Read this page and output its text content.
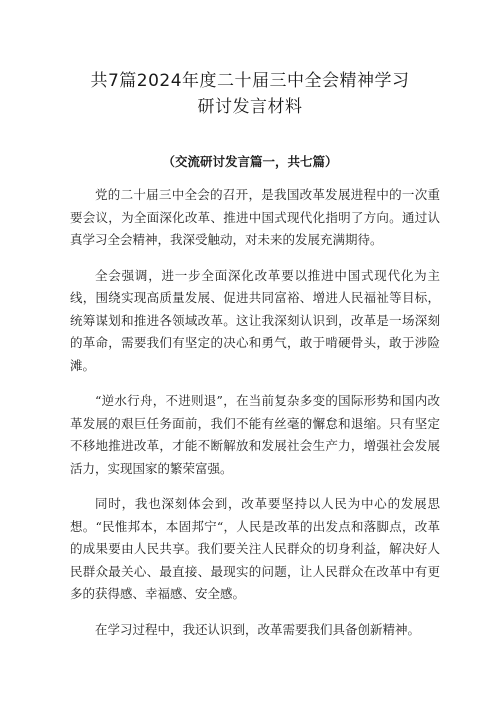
共7篇2024年度二十届三中全会精神学习
研讨发言材料
（交流研讨发言篇一，共七篇）

党的二十届三中全会的召开，是我国改革发展进程中的一次重要会议，为全面深化改革、推进中国式现代化指明了方向。通过认真学习全会精神，我深受触动，对未来的发展充满期待。

全会强调，进一步全面深化改革要以推进中国式现代化为主线，围绕实现高质量发展、促进共同富裕、增进人民福祉等目标，统筹谋划和推进各领域改革。这让我深刻认识到，改革是一场深刻的革命，需要我们有坚定的决心和勇气，敢于啃硬骨头，敢于涉险滩。

“逆水行舟，不进则退”，在当前复杂多变的国际形势和国内改革发展的艰巨任务面前，我们不能有丝毫的懈怠和退缩。只有坚定不移地推进改革，才能不断解放和发展社会生产力，增强社会发展活力，实现国家的繁荣富强。

同时，我也深刻体会到，改革要坚持以人民为中心的发展思想。“民惟邦本，本固邦宁“，人民是改革的出发点和落脚点，改革的成果要由人民共享。我们要关注人民群众的切身利益，解决好人民群众最关心、最直接、最现实的问题，让人民群众在改革中有更多的获得感、幸福感、安全感。

在学习过程中，我还认识到，改革需要我们具备创新精神。
